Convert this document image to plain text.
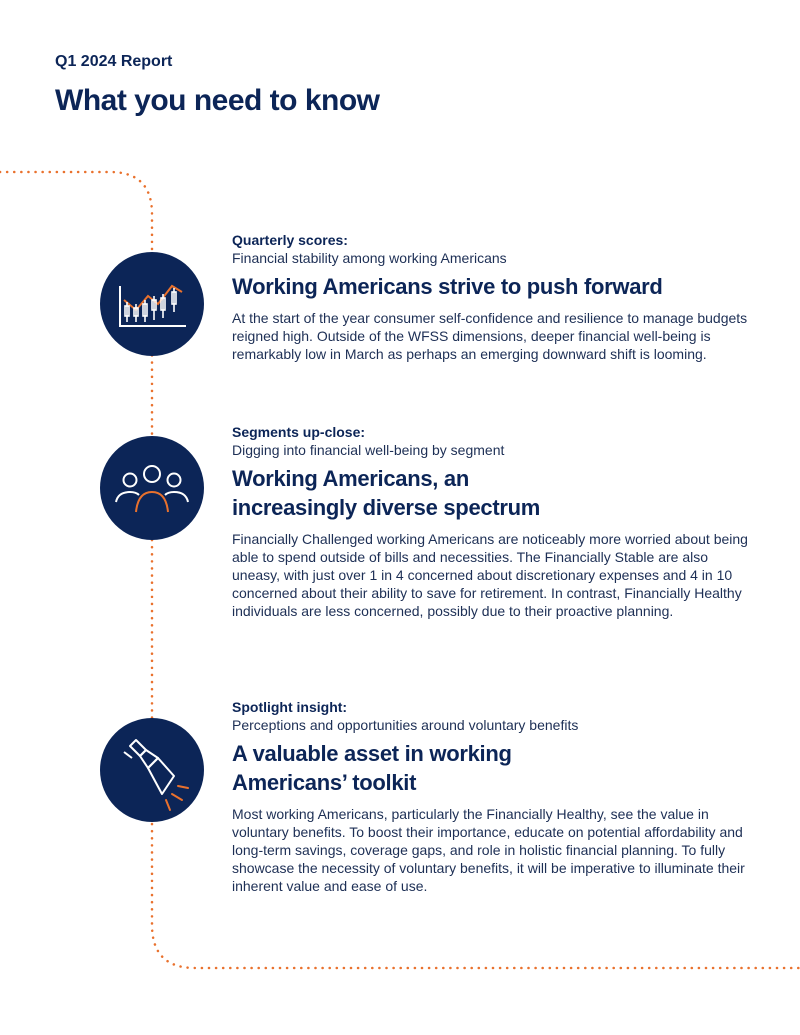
Q1 2024 Report
What you need to know
Quarterly scores:
Financial stability among working Americans
Working Americans strive to push forward
At the start of the year consumer self-confidence and resilience to manage budgets reigned high. Outside of the WFSS dimensions, deeper financial well-being is remarkably low in March as perhaps an emerging downward shift is looming.
Segments up-close:
Digging into financial well-being by segment
Working Americans, an
increasingly diverse spectrum
Financially Challenged working Americans are noticeably more worried about being able to spend outside of bills and necessities. The Financially Stable are also uneasy, with just over 1 in 4 concerned about discretionary expenses and 4 in 10 concerned about their ability to save for retirement. In contrast, Financially Healthy individuals are less concerned, possibly due to their proactive planning.
Spotlight insight:
Perceptions and opportunities around voluntary benefits
A valuable asset in working
Americans’ toolkit
Most working Americans, particularly the Financially Healthy, see the value in voluntary benefits. To boost their importance, educate on potential affordability and long-term savings, coverage gaps, and role in holistic financial planning. To fully showcase the necessity of voluntary benefits, it will be imperative to illuminate their inherent value and ease of use.
